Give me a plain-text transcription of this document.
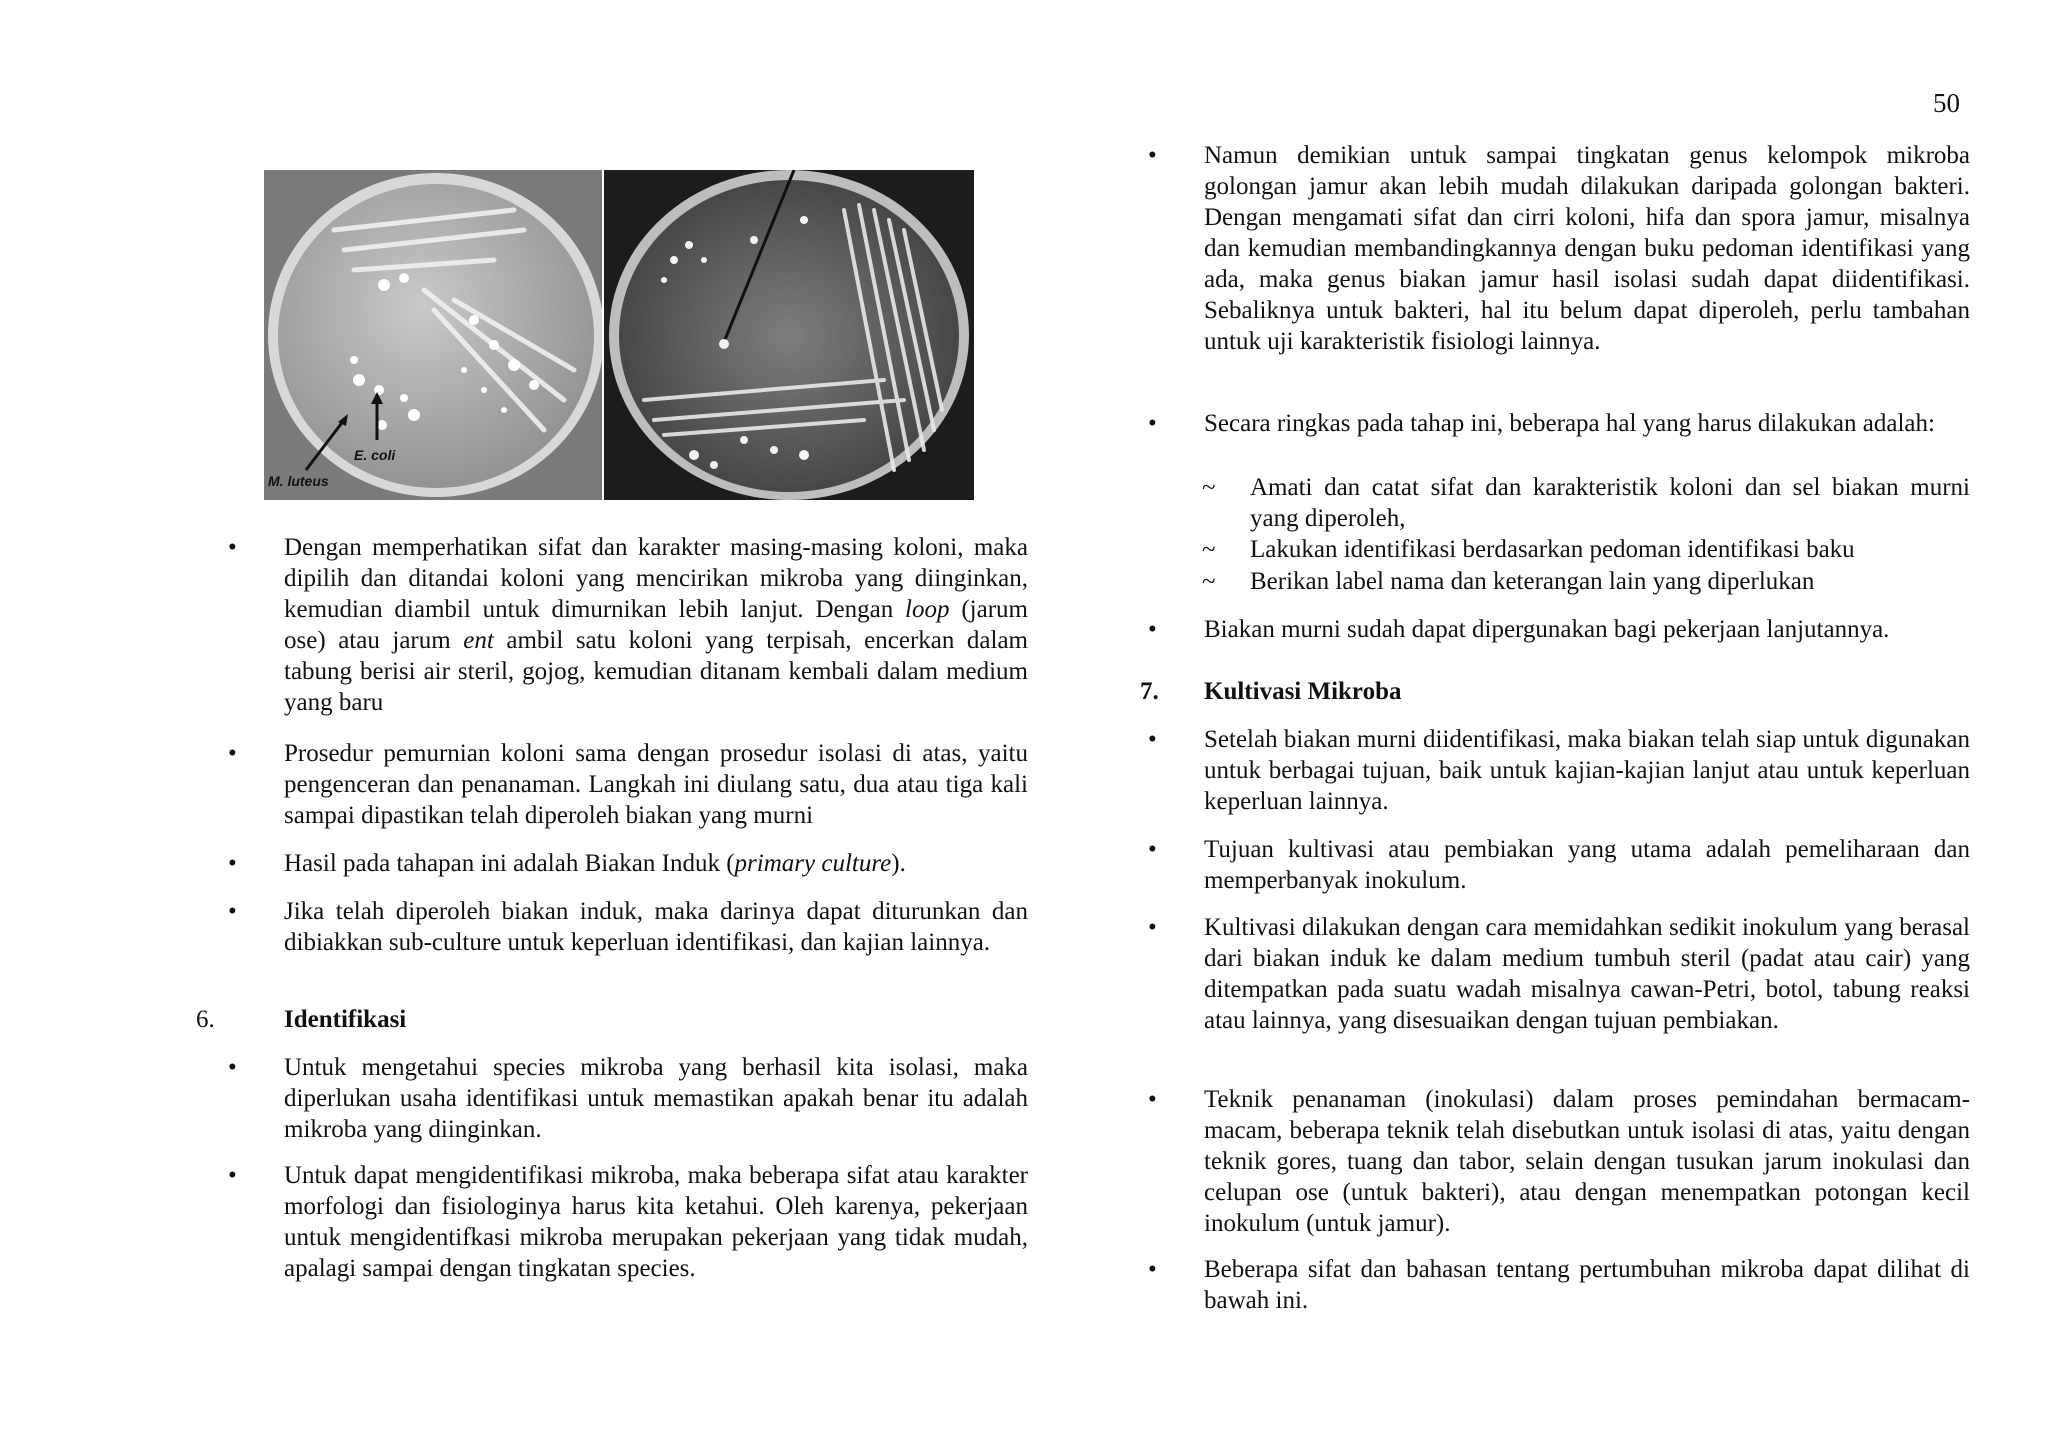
50
E. coli
M. luteus
• Dengan memperhatikan sifat dan karakter masing-masing koloni, maka dipilih dan ditandai koloni yang mencirikan mikroba yang diinginkan, kemudian diambil untuk dimurnikan lebih lanjut. Dengan loop (jarum ose) atau jarum ent ambil satu koloni yang terpisah, encerkan dalam tabung berisi air steril, gojog, kemudian ditanam kembali dalam medium yang baru
• Prosedur pemurnian koloni sama dengan prosedur isolasi di atas, yaitu pengenceran dan penanaman. Langkah ini diulang satu, dua atau tiga kali sampai dipastikan telah diperoleh biakan yang murni
• Hasil pada tahapan ini adalah Biakan Induk (primary culture).
• Jika telah diperoleh biakan induk, maka darinya dapat diturunkan dan dibiakkan sub-culture untuk keperluan identifikasi, dan kajian lainnya.
6.	Identifikasi
• Untuk mengetahui species mikroba yang berhasil kita isolasi, maka diperlukan usaha identifikasi untuk memastikan apakah benar itu adalah mikroba yang diinginkan.
• Untuk dapat mengidentifikasi mikroba, maka beberapa sifat atau karakter morfologi dan fisiologinya harus kita ketahui. Oleh karenya, pekerjaan untuk mengidentifkasi mikroba merupakan pekerjaan yang tidak mudah, apalagi sampai dengan tingkatan species.
• Namun demikian untuk sampai tingkatan genus kelompok mikroba golongan jamur akan lebih mudah dilakukan daripada golongan bakteri. Dengan mengamati sifat dan cirri koloni, hifa dan spora jamur, misalnya dan kemudian membandingkannya dengan buku pedoman identifikasi yang ada, maka genus biakan jamur hasil isolasi sudah dapat diidentifikasi. Sebaliknya untuk bakteri, hal itu belum dapat diperoleh, perlu tambahan untuk uji karakteristik fisiologi lainnya.
• Secara ringkas pada tahap ini, beberapa hal yang harus dilakukan adalah:
~ Amati dan catat sifat dan karakteristik koloni dan sel biakan murni yang diperoleh,
~ Lakukan identifikasi berdasarkan pedoman identifikasi baku
~ Berikan label nama dan keterangan lain yang diperlukan
• Biakan murni sudah dapat dipergunakan bagi pekerjaan lanjutannya.
7. Kultivasi Mikroba
• Setelah biakan murni diidentifikasi, maka biakan telah siap untuk digunakan untuk berbagai tujuan, baik untuk kajian-kajian lanjut atau untuk keperluan keperluan lainnya.
• Tujuan kultivasi atau pembiakan yang utama adalah pemeliharaan dan memperbanyak inokulum.
• Kultivasi dilakukan dengan cara memidahkan sedikit inokulum yang berasal dari biakan induk ke dalam medium tumbuh steril (padat atau cair) yang ditempatkan pada suatu wadah misalnya cawan-Petri, botol, tabung reaksi atau lainnya, yang disesuaikan dengan tujuan pembiakan.
• Teknik penanaman (inokulasi) dalam proses pemindahan bermacam-macam, beberapa teknik telah disebutkan untuk isolasi di atas, yaitu dengan teknik gores, tuang dan tabor, selain dengan tusukan jarum inokulasi dan celupan ose (untuk bakteri), atau dengan menempatkan potongan kecil inokulum (untuk jamur).
• Beberapa sifat dan bahasan tentang pertumbuhan mikroba dapat dilihat di bawah ini.
